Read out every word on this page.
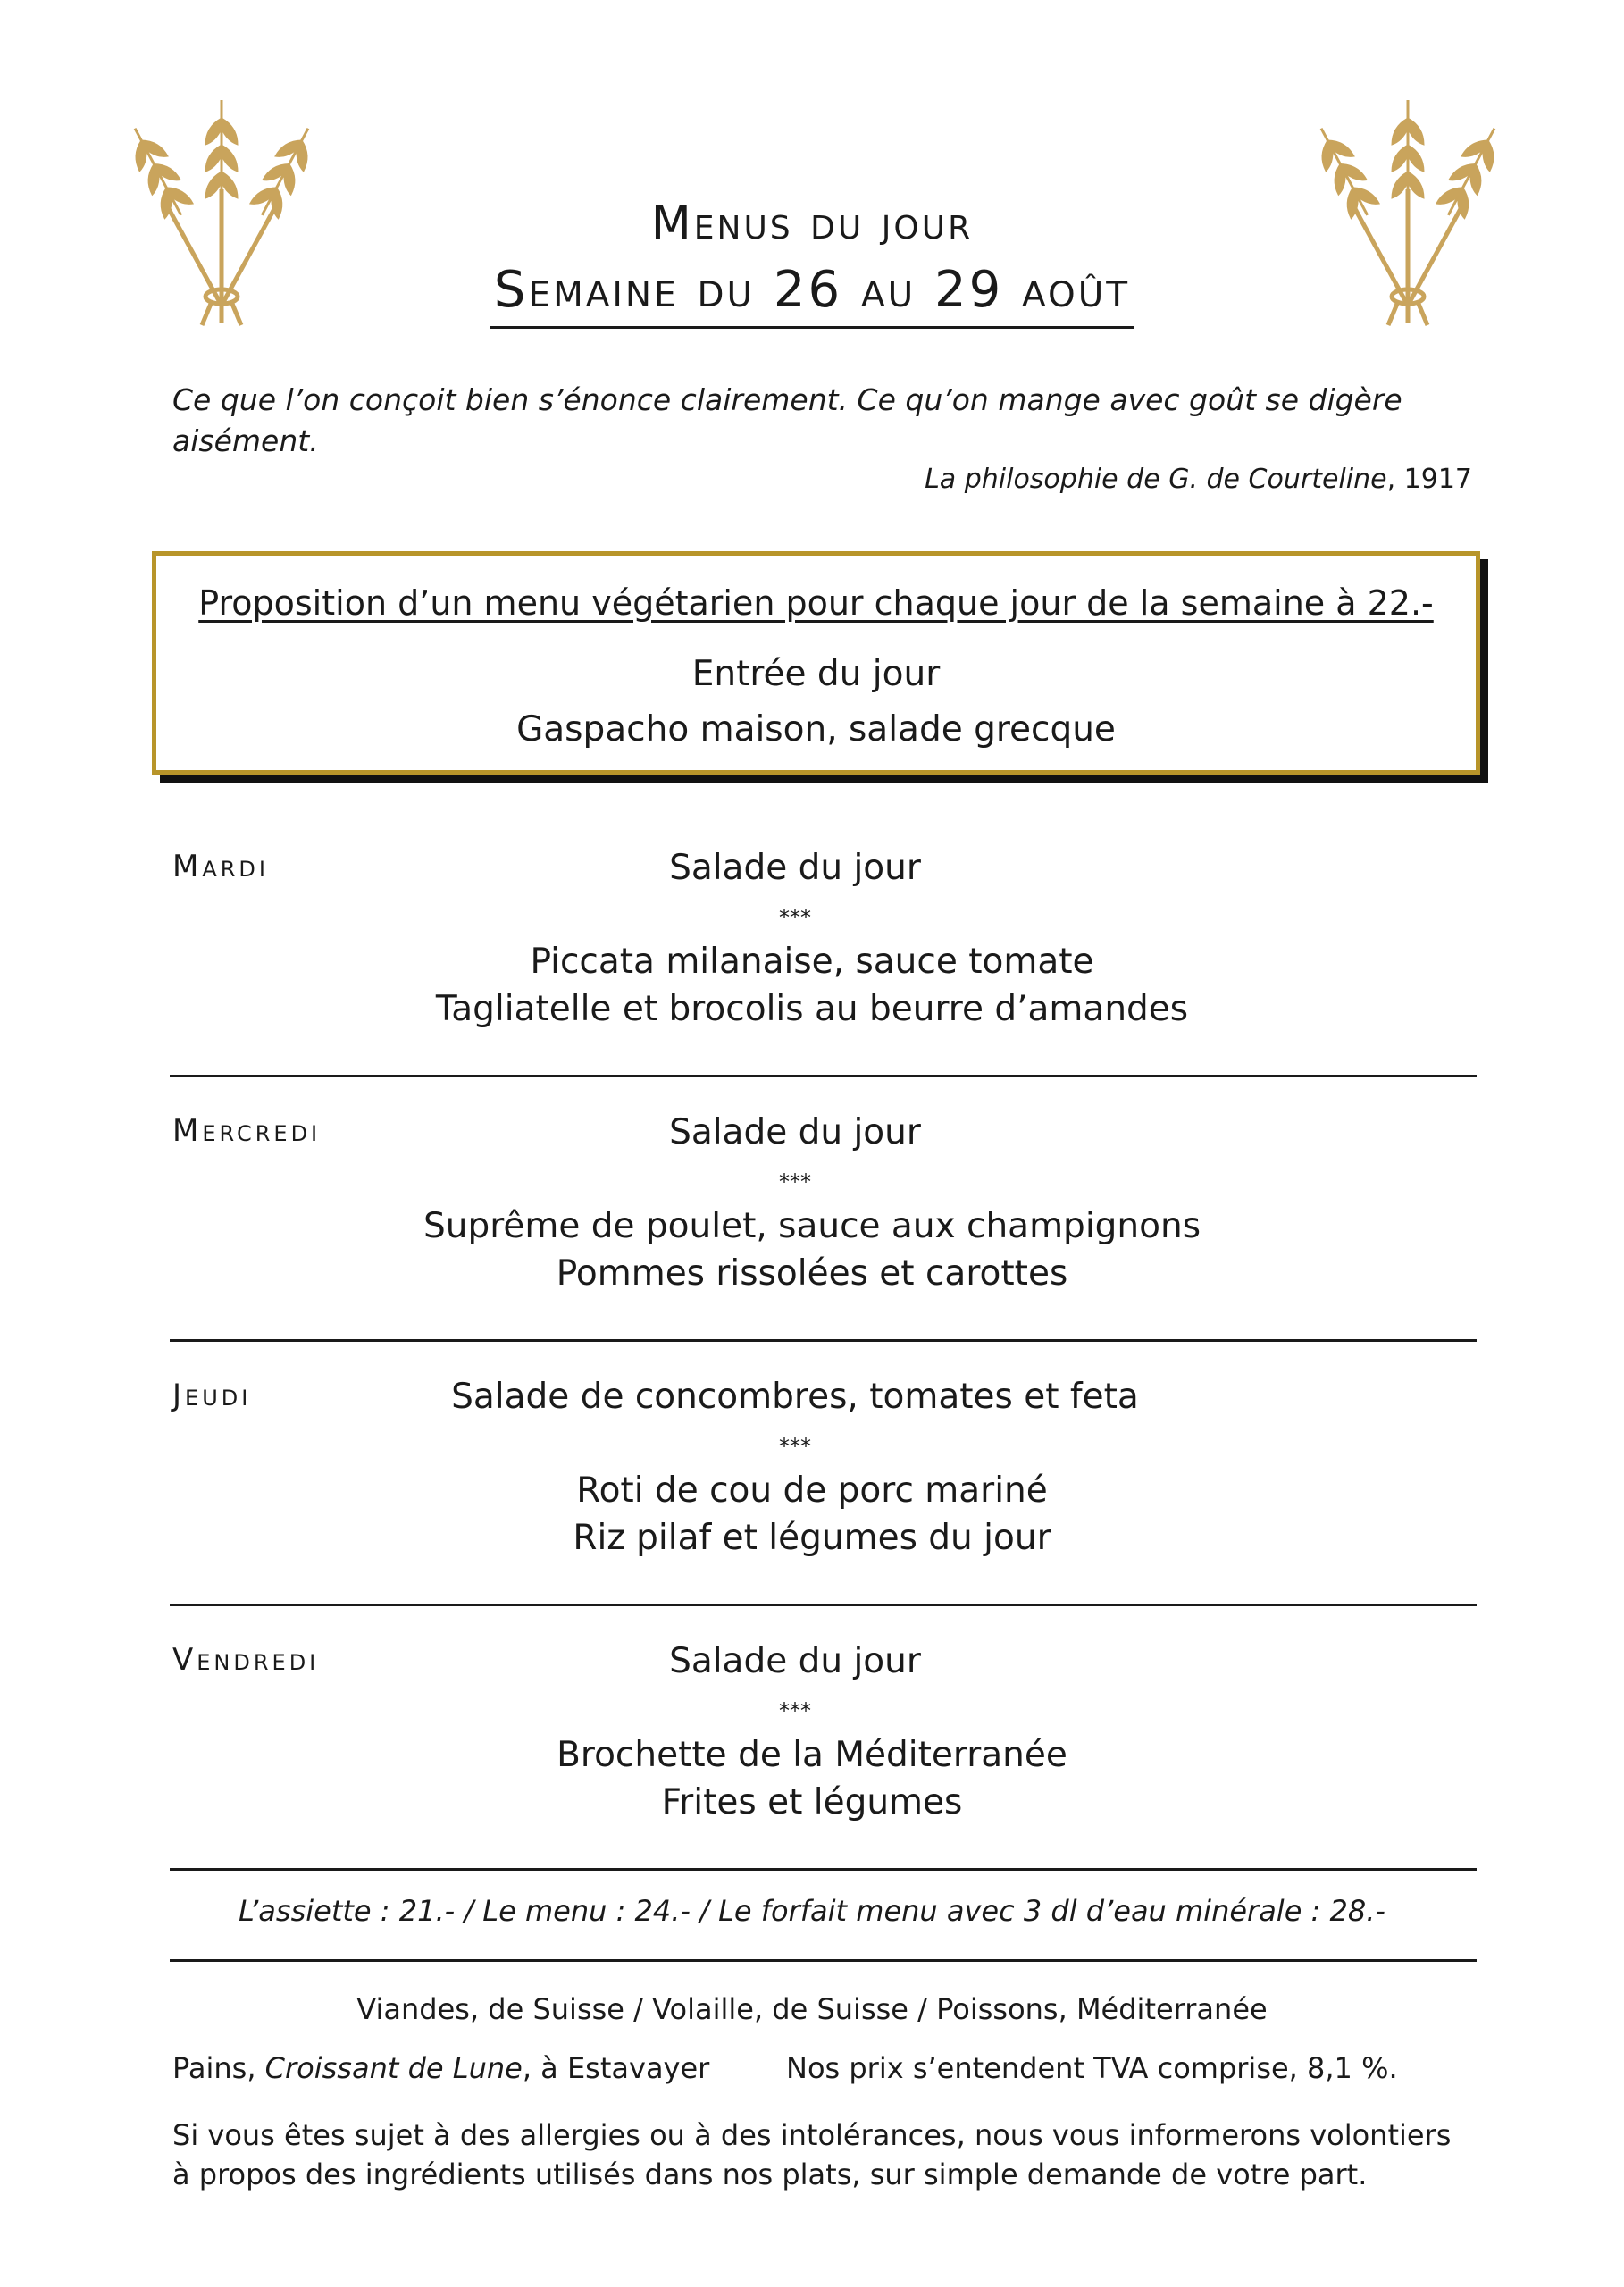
Menus du jour
Semaine du 26 au 29 août
Ce que l’on conçoit bien s’énonce clairement. Ce qu’on mange avec goût se digère aisément.
La philosophie de G. de Courteline, 1917
Proposition d’un menu végétarien pour chaque jour de la semaine à 22.-
Entrée du jour
Gaspacho maison, salade grecque
Mardi	Salade du jour
***
Piccata milanaise, sauce tomate
Tagliatelle et brocolis au beurre d’amandes
Mercredi	Salade du jour
***
Suprême de poulet, sauce aux champignons
Pommes rissolées et carottes
Jeudi	Salade de concombres, tomates et feta
***
Roti de cou de porc mariné
Riz pilaf et légumes du jour
Vendredi	Salade du jour
***
Brochette de la Méditerranée
Frites et légumes
L’assiette : 21.- / Le menu : 24.- / Le forfait menu avec 3 dl d’eau minérale : 28.-
Viandes, de Suisse / Volaille, de Suisse / Poissons, Méditerranée
Pains, Croissant de Lune, à Estavayer	Nos prix s’entendent TVA comprise, 8,1 %.
Si vous êtes sujet à des allergies ou à des intolérances, nous vous informerons volontiers à propos des ingrédients utilisés dans nos plats, sur simple demande de votre part.
